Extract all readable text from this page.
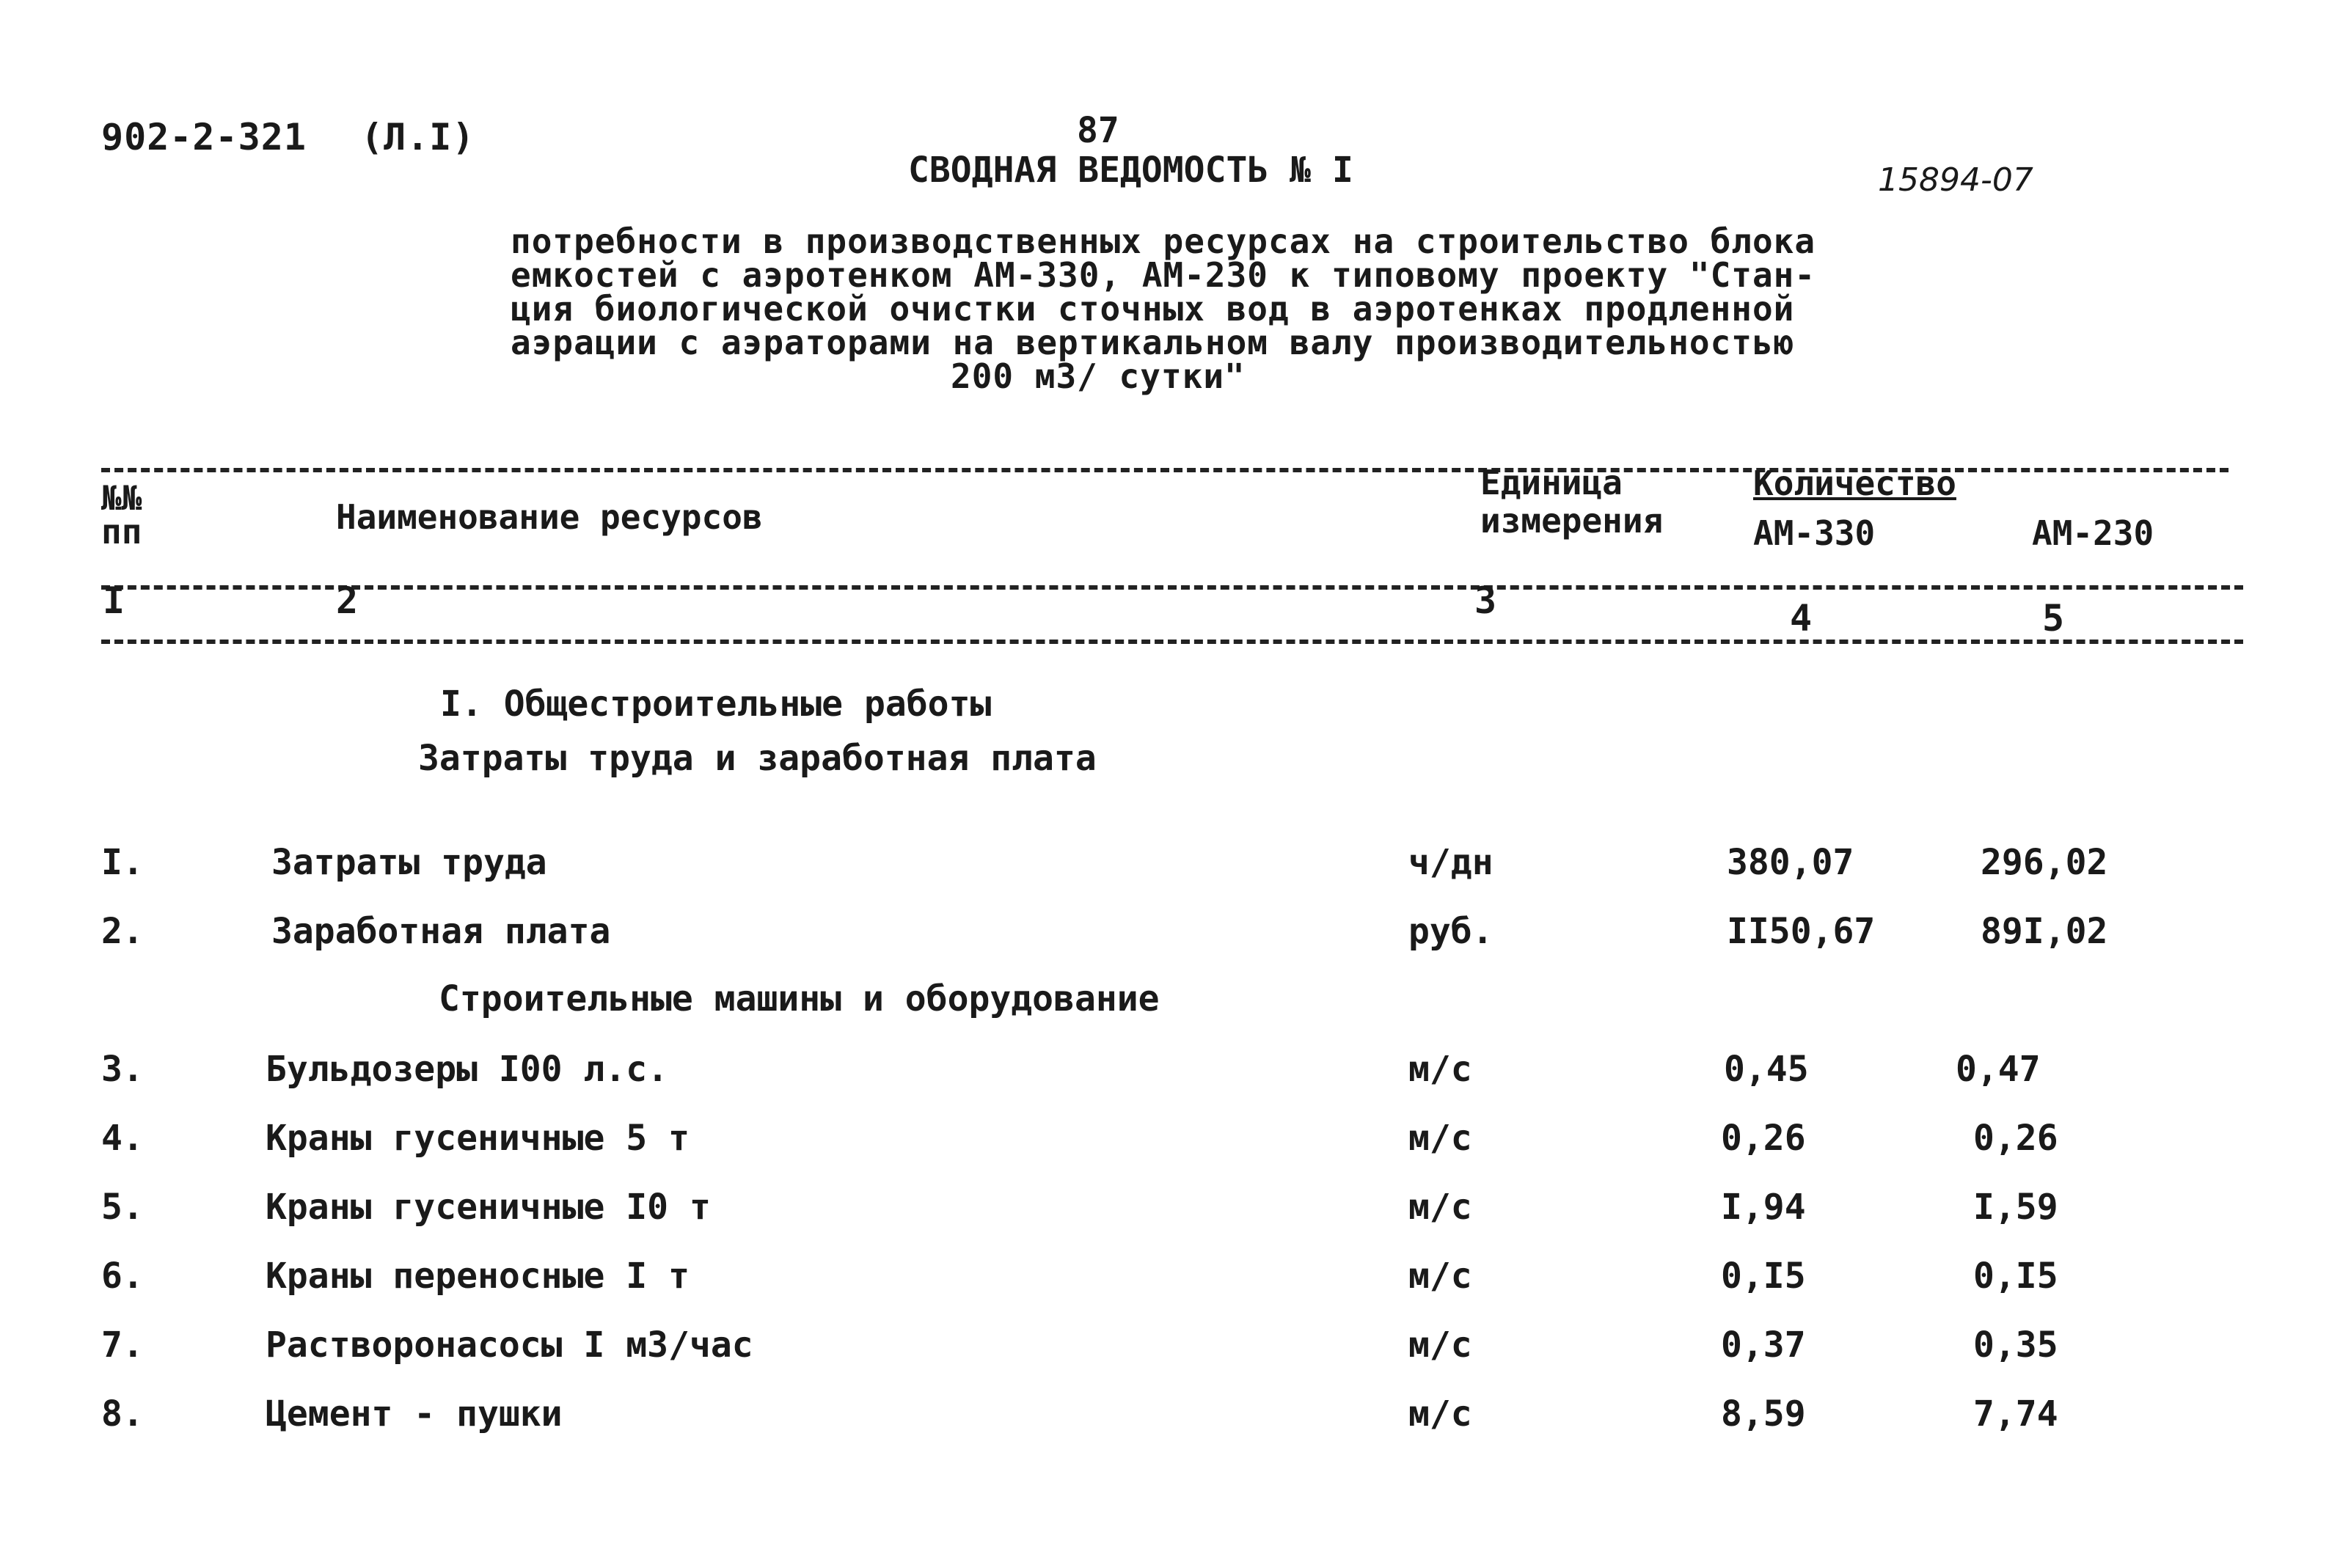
902-2-321 (Л.I)	87
СВОДНАЯ ВЕДОМОСТЬ № I	15894-07
потребности в производственных ресурсах на строительство блока
емкостей с аэротенком АМ-330, АМ-230 к типовому проекту "Стан-
ция биологической очистки сточных вод в аэротенках продленной
аэрации с аэраторами на вертикальном валу производительностью
200 м3/ сутки"
№№ пп	Наименование ресурсов
Единица измерения
Количество
АМ-330	АМ-230
I	2	3	4	5
I. Общестроительные работы
Затраты труда и заработная плата
I.	Затраты труда	ч/дн	380,07	296,02
2.	Заработная плата	руб.	II50,67	89I,02
Строительные машины и оборудование
3.	Бульдозеры I00 л.с.	м/с	0,45	0,47
4.	Краны гусеничные 5 т	м/с	0,26	0,26
5.	Краны гусеничные I0 т	м/с	I,94	I,59
6.	Краны переносные I т	м/с	0,I5	0,I5
7.	Растворонасосы I м3/час	м/с	0,37	0,35
8.	Цемент - пушки	м/с	8,59	7,74
